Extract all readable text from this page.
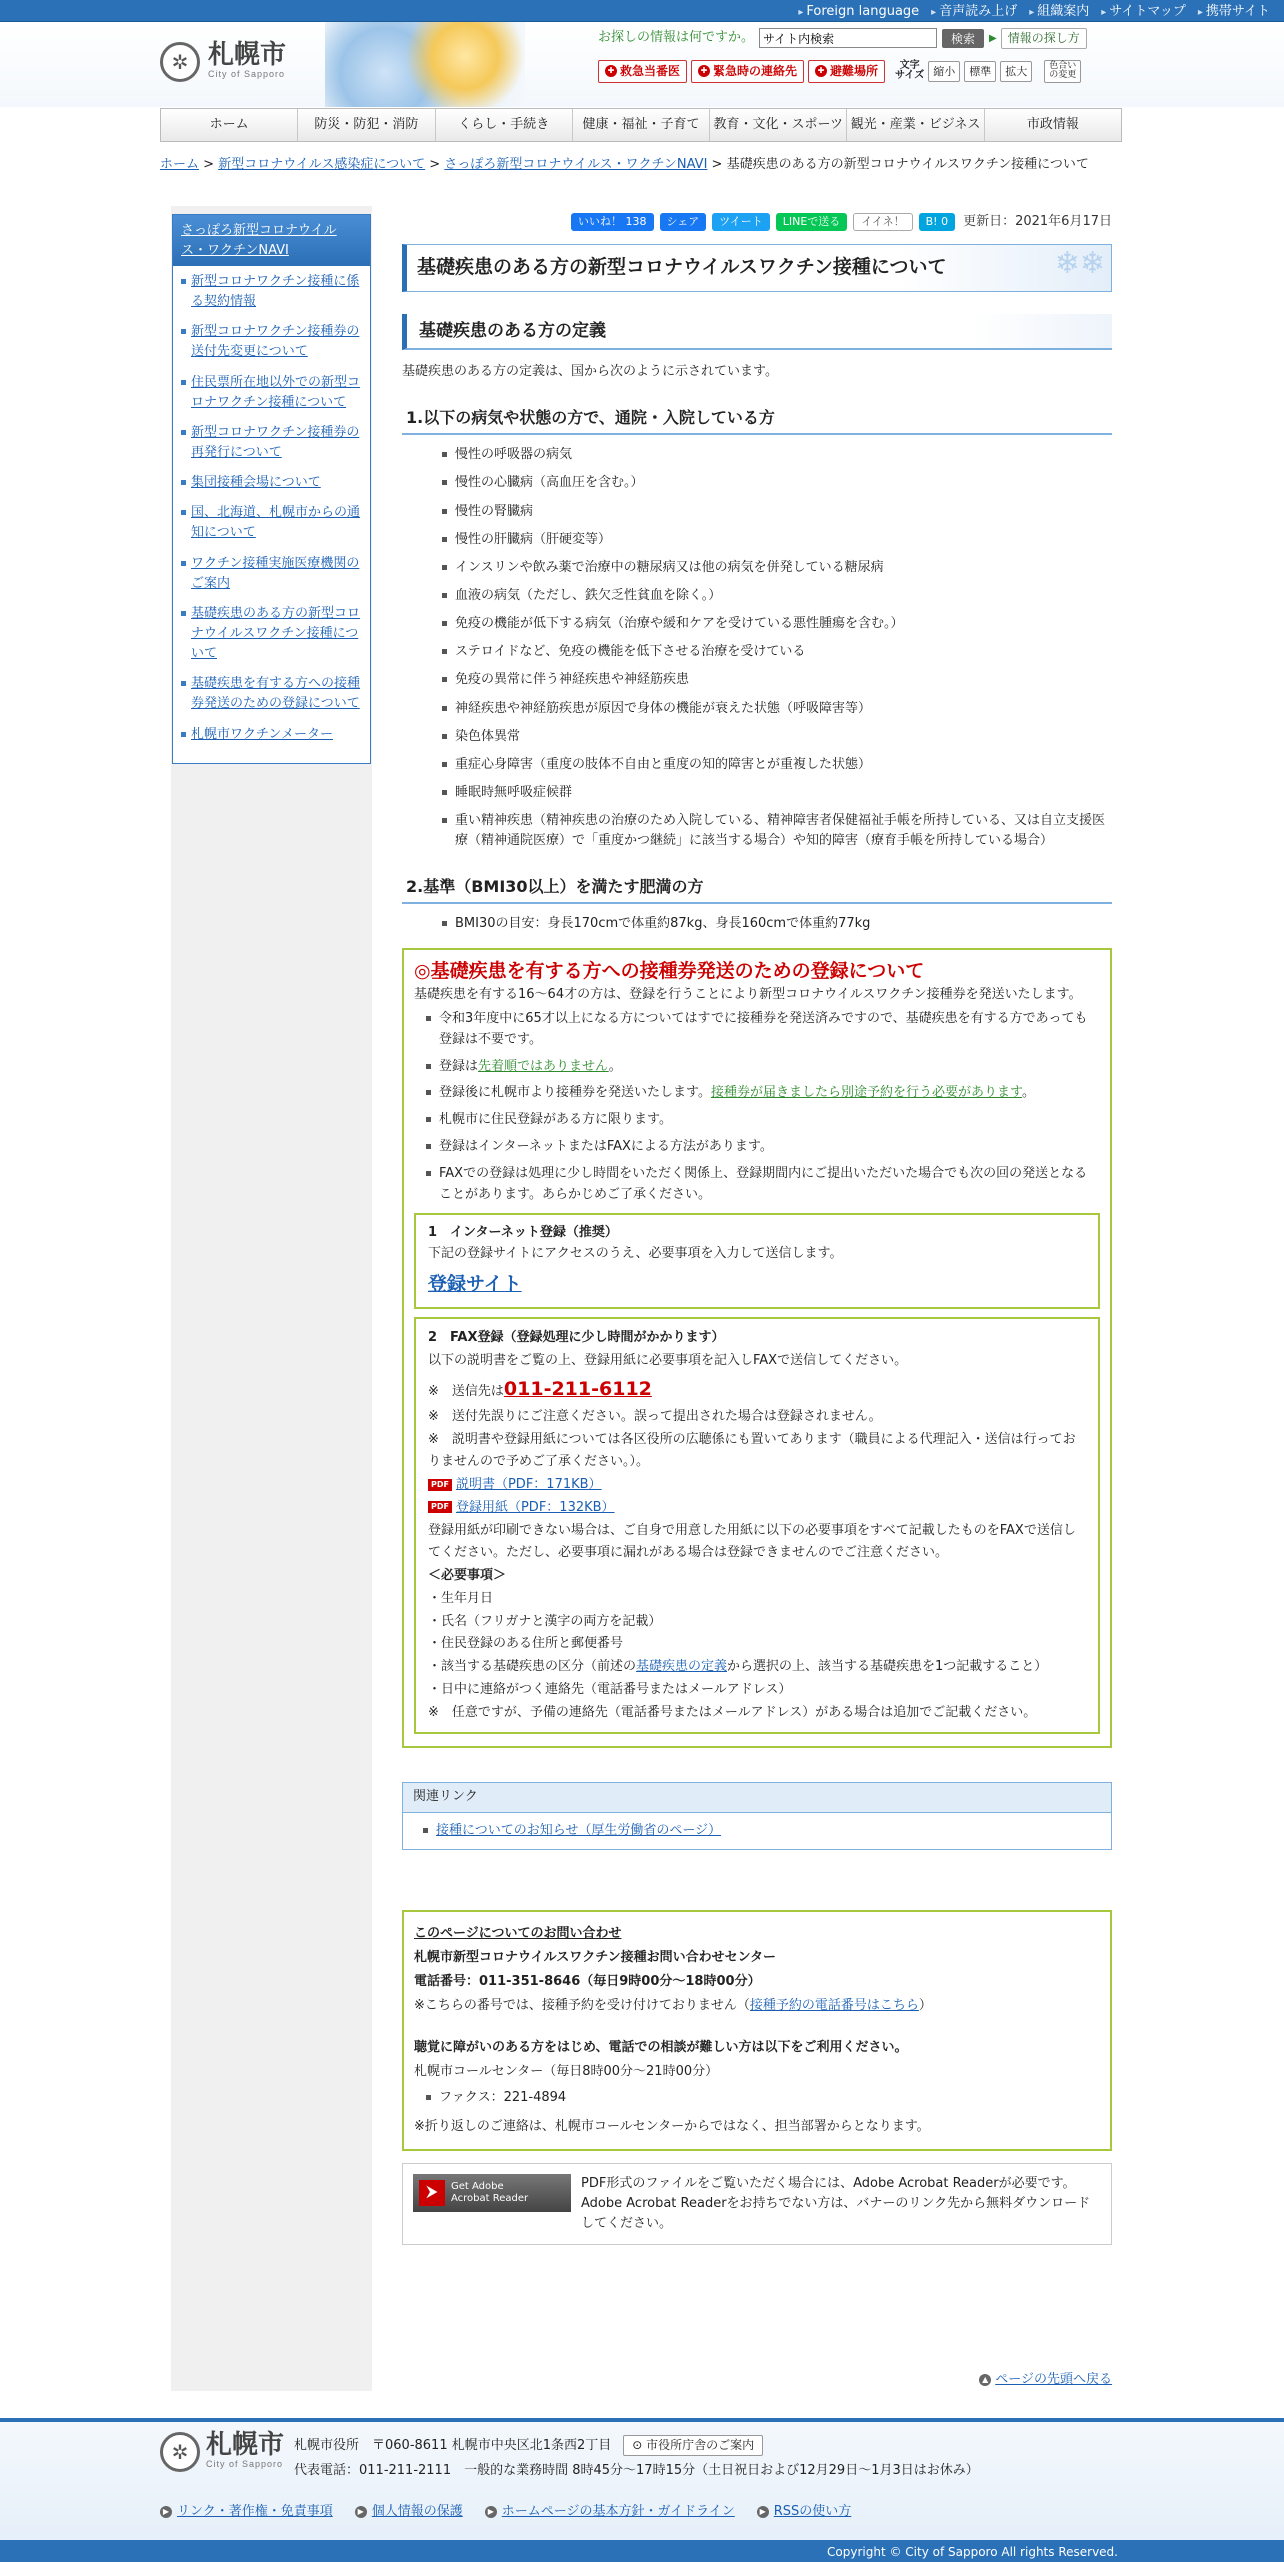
▸ Foreign language	▸ 音声読み上げ	▸ 組織案内	▸ サイトマップ	▸ 携帯サイト
✲ 札幌市
City of Sapporo
お探しの情報は何ですか。
サイト内検索	検索	▶ 情報の探し方
✚ 救急当番医	✚ 緊急時の連絡先	✚ 避難場所	文字
サイズ 縮小	標準	拡大	色合い
の変更
ホーム	防災・防犯・消防	くらし・手続き	健康・福祉・子育て	教育・文化・スポーツ 観光・産業・ビジネス	市政情報
ホーム > 新型コロナウイルス感染症について > さっぽろ新型コロナウイルス・ワクチンNAVI > 基礎疾患のある方の新型コロナウイルスワクチン接種について
さっぽろ新型コロナウイルス・ワクチンNAVI
新型コロナワクチン接種に係る契約情報
新型コロナワクチン接種券の送付先変更について
住民票所在地以外での新型コロナワクチン接種について
新型コロナワクチン接種券の再発行について
集団接種会場について
国、北海道、札幌市からの通知について
ワクチン接種実施医療機関のご案内
基礎疾患のある方の新型コロナウイルスワクチン接種について
基礎疾患を有する方への接種券発送のための登録について
札幌市ワクチンメーター
いいね！ 138	シェア	ツイート	LINEで送る	イイネ！	B! 0	更新日：2021年6月17日
基礎疾患のある方の新型コロナウイルスワクチン接種について	❄❄
基礎疾患のある方の定義

基礎疾患のある方の定義は、国から次のように示されています。

1.以下の病気や状態の方で、通院・入院している方
慢性の呼吸器の病気
慢性の心臓病（高血圧を含む。）
慢性の腎臓病
慢性の肝臓病（肝硬変等）
インスリンや飲み薬で治療中の糖尿病又は他の病気を併発している糖尿病
血液の病気（ただし、鉄欠乏性貧血を除く。）
免疫の機能が低下する病気（治療や緩和ケアを受けている悪性腫瘍を含む。）
ステロイドなど、免疫の機能を低下させる治療を受けている
免疫の異常に伴う神経疾患や神経筋疾患
神経疾患や神経筋疾患が原因で身体の機能が衰えた状態（呼吸障害等）
染色体異常
重症心身障害（重度の肢体不自由と重度の知的障害とが重複した状態）
睡眠時無呼吸症候群
重い精神疾患（精神疾患の治療のため入院している、精神障害者保健福祉手帳を所持している、又は自立支援医療（精神通院医療）で「重度かつ継続」に該当する場合）や知的障害（療育手帳を所持している場合）
2.基準（BMI30以上）を満たす肥満の方
BMI30の目安：身長170cmで体重約87kg、身長160cmで体重約77kg
◎基礎疾患を有する方への接種券発送のための登録について

基礎疾患を有する16～64才の方は、登録を行うことにより新型コロナウイルスワクチン接種券を発送いたします。

令和3年度中に65才以上になる方についてはすでに接種券を発送済みですので、基礎疾患を有する方であっても登録は不要です。
登録は先着順ではありません。
登録後に札幌市より接種券を発送いたします。接種券が届きましたら別途予約を行う必要があります。
札幌市に住民登録がある方に限ります。
登録はインターネットまたはFAXによる方法があります。
FAXでの登録は処理に少し時間をいただく関係上、登録期間内にご提出いただいた場合でも次の回の発送となることがあります。あらかじめご了承ください。
1　インターネット登録（推奨）

下記の登録サイトにアクセスのうえ、必要事項を入力して送信します。

登録サイト
2　FAX登録（登録処理に少し時間がかかります）

以下の説明書をご覧の上、登録用紙に必要事項を記入しFAXで送信してください。

※　送信先は011-211-6112

※　送付先誤りにご注意ください。誤って提出された場合は登録されません。

※　説明書や登録用紙については各区役所の広聴係にも置いてあります（職員による代理記入・送信は行っておりませんので予めご了承ください。）。

PDF 説明書（PDF：171KB）

PDF 登録用紙（PDF：132KB）

登録用紙が印刷できない場合は、ご自身で用意した用紙に以下の必要事項をすべて記載したものをFAXで送信してください。ただし、必要事項に漏れがある場合は登録できませんのでご注意ください。

＜必要事項＞

・生年月日

・氏名（フリガナと漢字の両方を記載）

・住民登録のある住所と郵便番号

・該当する基礎疾患の区分（前述の基礎疾患の定義から選択の上、該当する基礎疾患を1つ記載すること）

・日中に連絡がつく連絡先（電話番号またはメールアドレス）

※　任意ですが、予備の連絡先（電話番号またはメールアドレス）がある場合は追加でご記載ください。

関連リンク
接種についてのお知らせ（厚生労働省のページ）

このページについてのお問い合わせ

札幌市新型コロナウイルスワクチン接種お問い合わせセンター

電話番号：011-351-8646（毎日9時00分～18時00分）

※こちらの番号では、接種予約を受け付けておりません（接種予約の電話番号はこちら）

聴覚に障がいのある方をはじめ、電話での相談が難しい方は以下をご利用ください。

札幌市コールセンター（毎日8時00分～21時00分）

ファクス：221-4894

※折り返しのご連絡は、札幌市コールセンターからではなく、担当部署からとなります。

⮞	Get Adobe
Acrobat Reader

PDF形式のファイルをご覧いただく場合には、Adobe Acrobat Readerが必要です。Adobe Acrobat Readerをお持ちでない方は、バナーのリンク先から無料ダウンロードしてください。

▲ ページの先頭へ戻る
✲ 札幌市
City of Sapporo
札幌市役所　〒060-8611 札幌市中央区北1条西2丁目 ⊙ 市役所庁舎のご案内
代表電話：011-211-2111　一般的な業務時間 8時45分～17時15分（土日祝日および12月29日～1月3日はお休み）
▶ リンク・著作権・免責事項	▶ 個人情報の保護	▶ ホームページの基本方針・ガイドライン	▶ RSSの使い方
Copyright © City of Sapporo All rights Reserved.
